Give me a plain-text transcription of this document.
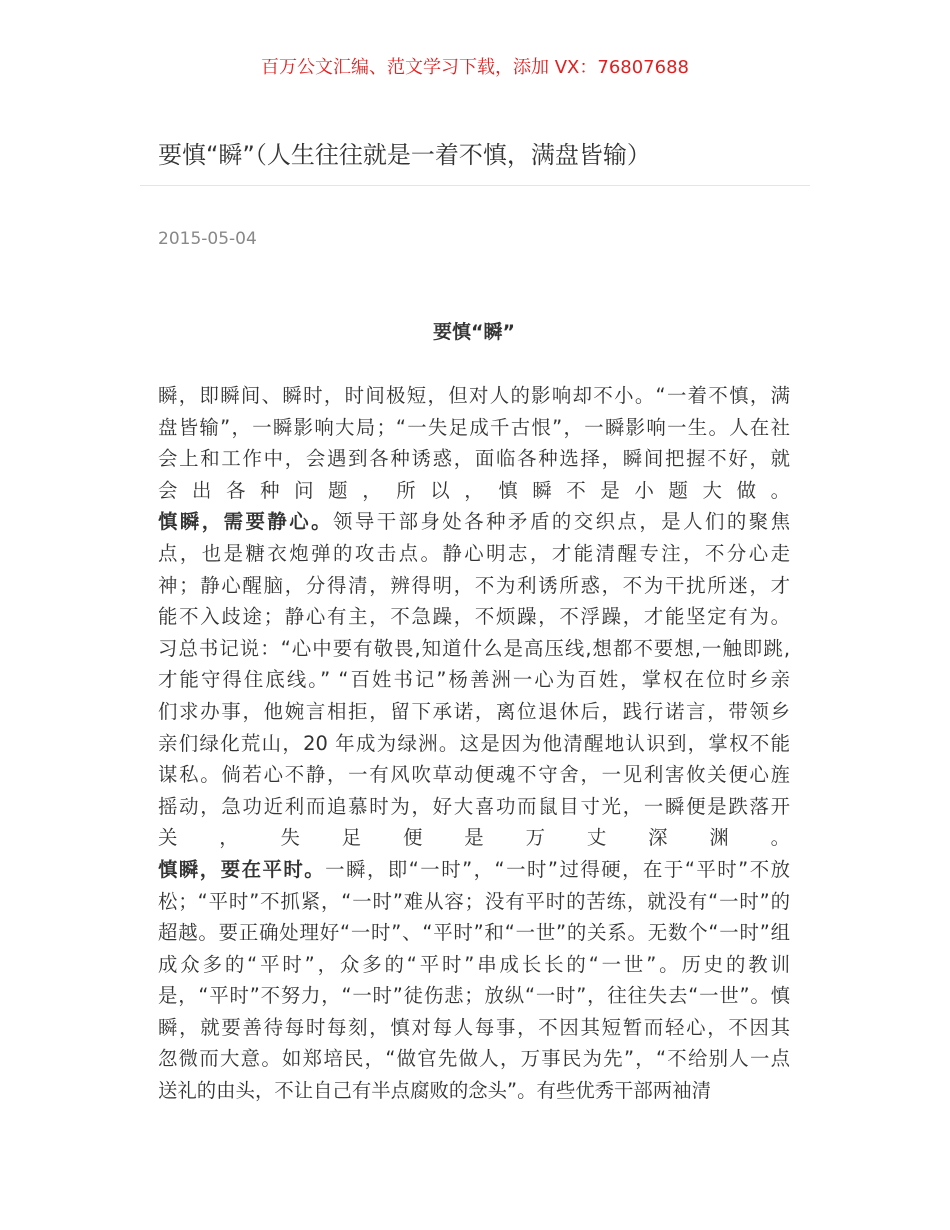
百万公文汇编、范文学习下载，添加 VX：76807688
要慎“瞬”（人生往往就是一着不慎，满盘皆输）
2015-05-04
要慎“瞬”
瞬，即瞬间、瞬时，时间极短，但对人的影响却不小。“一着不慎，满
盘皆输”，一瞬影响大局；“一失足成千古恨”，一瞬影响一生。人在社
会上和工作中，会遇到各种诱惑，面临各种选择，瞬间把握不好，就
会 出 各 种 问 题 ， 所 以 ， 慎 瞬 不 是 小 题 大 做 。
慎瞬，需要静心。领导干部身处各种矛盾的交织点，是人们的聚焦
点，也是糖衣炮弹的攻击点。静心明志，才能清醒专注，不分心走
神；静心醒脑，分得清，辨得明，不为利诱所惑，不为干扰所迷，才
能不入歧途；静心有主，不急躁，不烦躁，不浮躁，才能坚定有为。
习总书记说：“心中要有敬畏,知道什么是高压线,想都不要想,一触即跳,
才能守得住底线。” “百姓书记”杨善洲一心为百姓，掌权在位时乡亲
们求办事，他婉言相拒，留下承诺，离位退休后，践行诺言，带领乡
亲们绿化荒山，20 年成为绿洲。这是因为他清醒地认识到，掌权不能
谋私。倘若心不静，一有风吹草动便魂不守舍，一见利害攸关便心旌
摇动，急功近利而追慕时为，好大喜功而鼠目寸光，一瞬便是跌落开
关 ， 失 足 便 是 万 丈 深 渊 。
慎瞬，要在平时。一瞬，即“一时”，“一时”过得硬，在于“平时”不放
松；“平时”不抓紧，“一时”难从容；没有平时的苦练，就没有“一时”的
超越。要正确处理好“一时”、“平时”和“一世”的关系。无数个“一时”组
成众多的“平时”，众多的“平时”串成长长的“一世”。历史的教训
是，“平时”不努力，“一时”徒伤悲；放纵“一时”，往往失去“一世”。慎
瞬，就要善待每时每刻，慎对每人每事，不因其短暂而轻心，不因其
忽微而大意。如郑培民，“做官先做人，万事民为先”，“不给别人一点
送礼的由头，不让自己有半点腐败的念头”。有些优秀干部两袖清
